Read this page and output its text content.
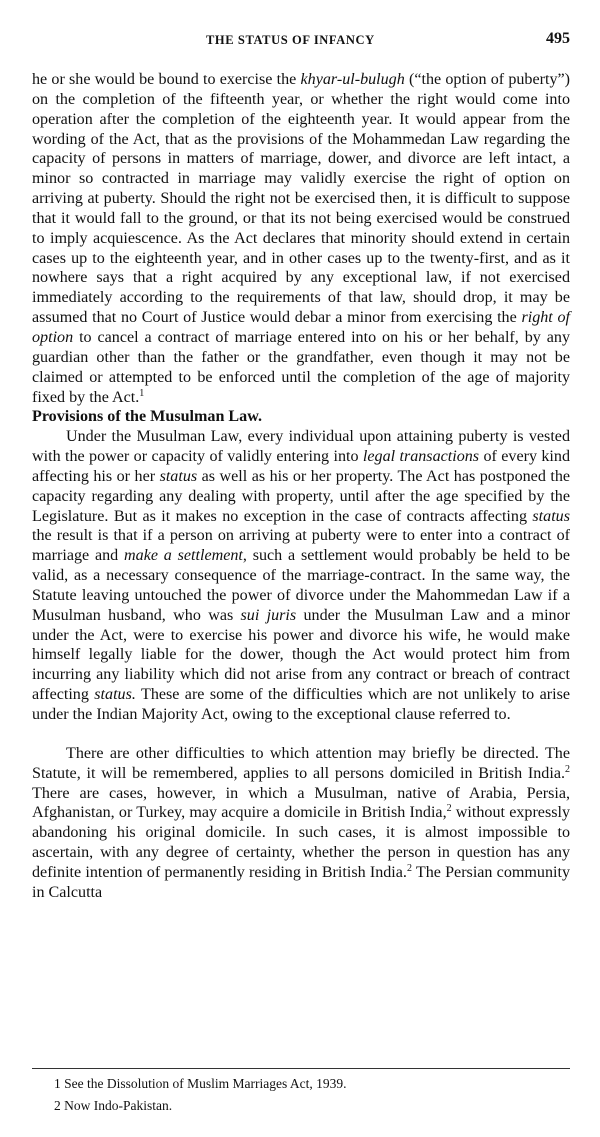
THE STATUS OF INFANCY	495

he or she would be bound to exercise the khyar-ul-bulugh (“the option of puberty”) on the completion of the fifteenth year, or whether the right would come into operation after the completion of the eighteenth year. It would appear from the wording of the Act, that as the provisions of the Mohammedan Law regarding the capacity of persons in matters of marriage, dower, and divorce are left intact, a minor so contracted in marriage may validly exercise the right of option on arriving at puberty. Should the right not be exercised then, it is difficult to suppose that it would fall to the ground, or that its not being exercised would be construed to imply acquiescence. As the Act declares that minority should extend in certain cases up to the eighteenth year, and in other cases up to the twenty-first, and as it nowhere says that a right acquired by any exceptional law, if not exercised immediately according to the requirements of that law, should drop, it may be assumed that no Court of Justice would debar a minor from exercising the right of option to cancel a contract of marriage entered into on his or her behalf, by any guardian other than the father or the grandfather, even though it may not be claimed or attempted to be enforced until the completion of the age of majority fixed by the Act.$^1$

Provisions of the Musulman Law.

Under the Musulman Law, every individual upon attaining puberty is vested with the power or capacity of validly entering into legal transactions of every kind affecting his or her status as well as his or her property. The Act has postponed the capacity regarding any dealing with property, until after the age specified by the Legislature. But as it makes no exception in the case of contracts affecting status the result is that if a person on arriving at puberty were to enter into a contract of marriage and make a settlement, such a settlement would probably be held to be valid, as a necessary consequence of the marriage-contract. In the same way, the Statute leaving untouched the power of divorce under the Mahommedan Law if a Musulman husband, who was sui juris under the Musulman Law and a minor under the Act, were to exercise his power and divorce his wife, he would make himself legally liable for the dower, though the Act would protect him from incurring any liability which did not arise from any contract or breach of contract affecting status. These are some of the difficulties which are not unlikely to arise under the Indian Majority Act, owing to the exceptional clause referred to.

There are other difficulties to which attention may briefly be directed. The Statute, it will be remembered, applies to all persons domiciled in British India.$^2$ There are cases, however, in which a Musulman, native of Arabia, Persia, Afghanistan, or Turkey, may acquire a domicile in British India,$^2$ without expressly abandoning his original domicile. In such cases, it is almost impossible to ascertain, with any degree of certainty, whether the person in question has any definite intention of permanently residing in British India.$^2$ The Persian community in Calcutta

1 See the Dissolution of Muslim Marriages Act, 1939.
2 Now Indo-Pakistan.
